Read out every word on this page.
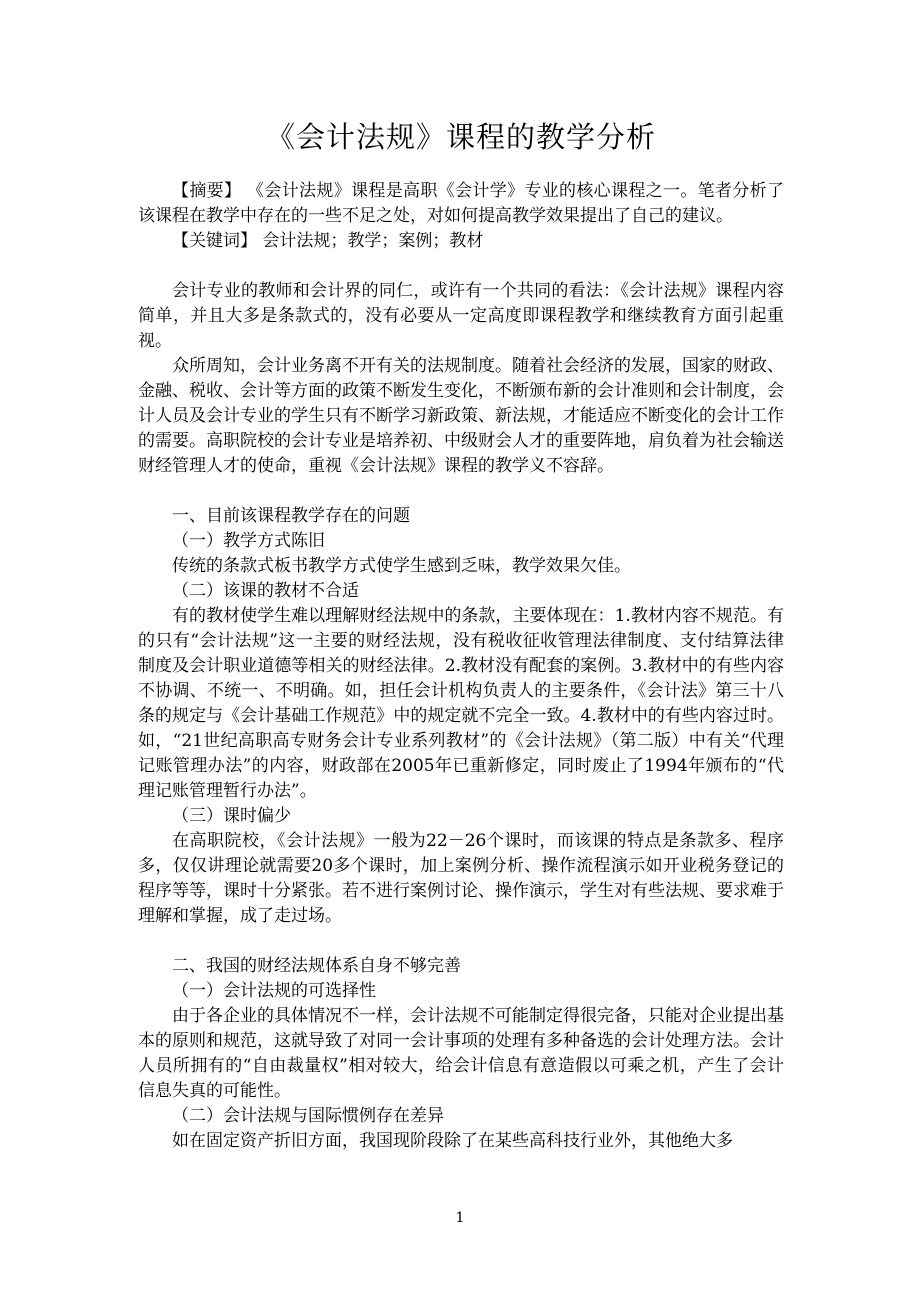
《会计法规》课程的教学分析

【摘要】 《会计法规》课程是高职《会计学》专业的核心课程之一。笔者分析了该课程在教学中存在的一些不足之处，对如何提高教学效果提出了自己的建议。

【关键词】 会计法规；教学；案例；教材

会计专业的教师和会计界的同仁，或许有一个共同的看法：《会计法规》课程内容简单，并且大多是条款式的，没有必要从一定高度即课程教学和继续教育方面引起重视。

众所周知，会计业务离不开有关的法规制度。随着社会经济的发展，国家的财政、金融、税收、会计等方面的政策不断发生变化，不断颁布新的会计准则和会计制度，会计人员及会计专业的学生只有不断学习新政策、新法规，才能适应不断变化的会计工作的需要。高职院校的会计专业是培养初、中级财会人才的重要阵地，肩负着为社会输送财经管理人才的使命，重视《会计法规》课程的教学义不容辞。

一、目前该课程教学存在的问题

（一）教学方式陈旧

传统的条款式板书教学方式使学生感到乏味，教学效果欠佳。

（二）该课的教材不合适

有的教材使学生难以理解财经法规中的条款，主要体现在：1.教材内容不规范。有的只有“会计法规”这一主要的财经法规，没有税收征收管理法律制度、支付结算法律制度及会计职业道德等相关的财经法律。2.教材没有配套的案例。3.教材中的有些内容不协调、不统一、不明确。如，担任会计机构负责人的主要条件，《会计法》第三十八条的规定与《会计基础工作规范》中的规定就不完全一致。4.教材中的有些内容过时。如，“21世纪高职高专财务会计专业系列教材”的《会计法规》（第二版）中有关“代理记账管理办法”的内容，财政部在2005年已重新修定，同时废止了1994年颁布的“代理记账管理暂行办法”。

（三）课时偏少

在高职院校，《会计法规》一般为22－26个课时，而该课的特点是条款多、程序多，仅仅讲理论就需要20多个课时，加上案例分析、操作流程演示如开业税务登记的程序等等，课时十分紧张。若不进行案例讨论、操作演示，学生对有些法规、要求难于理解和掌握，成了走过场。

二、我国的财经法规体系自身不够完善

（一）会计法规的可选择性

由于各企业的具体情况不一样，会计法规不可能制定得很完备，只能对企业提出基本的原则和规范，这就导致了对同一会计事项的处理有多种备选的会计处理方法。会计人员所拥有的“自由裁量权”相对较大，给会计信息有意造假以可乘之机，产生了会计信息失真的可能性。

（二）会计法规与国际惯例存在差异

如在固定资产折旧方面，我国现阶段除了在某些高科技行业外，其他绝大多

1
